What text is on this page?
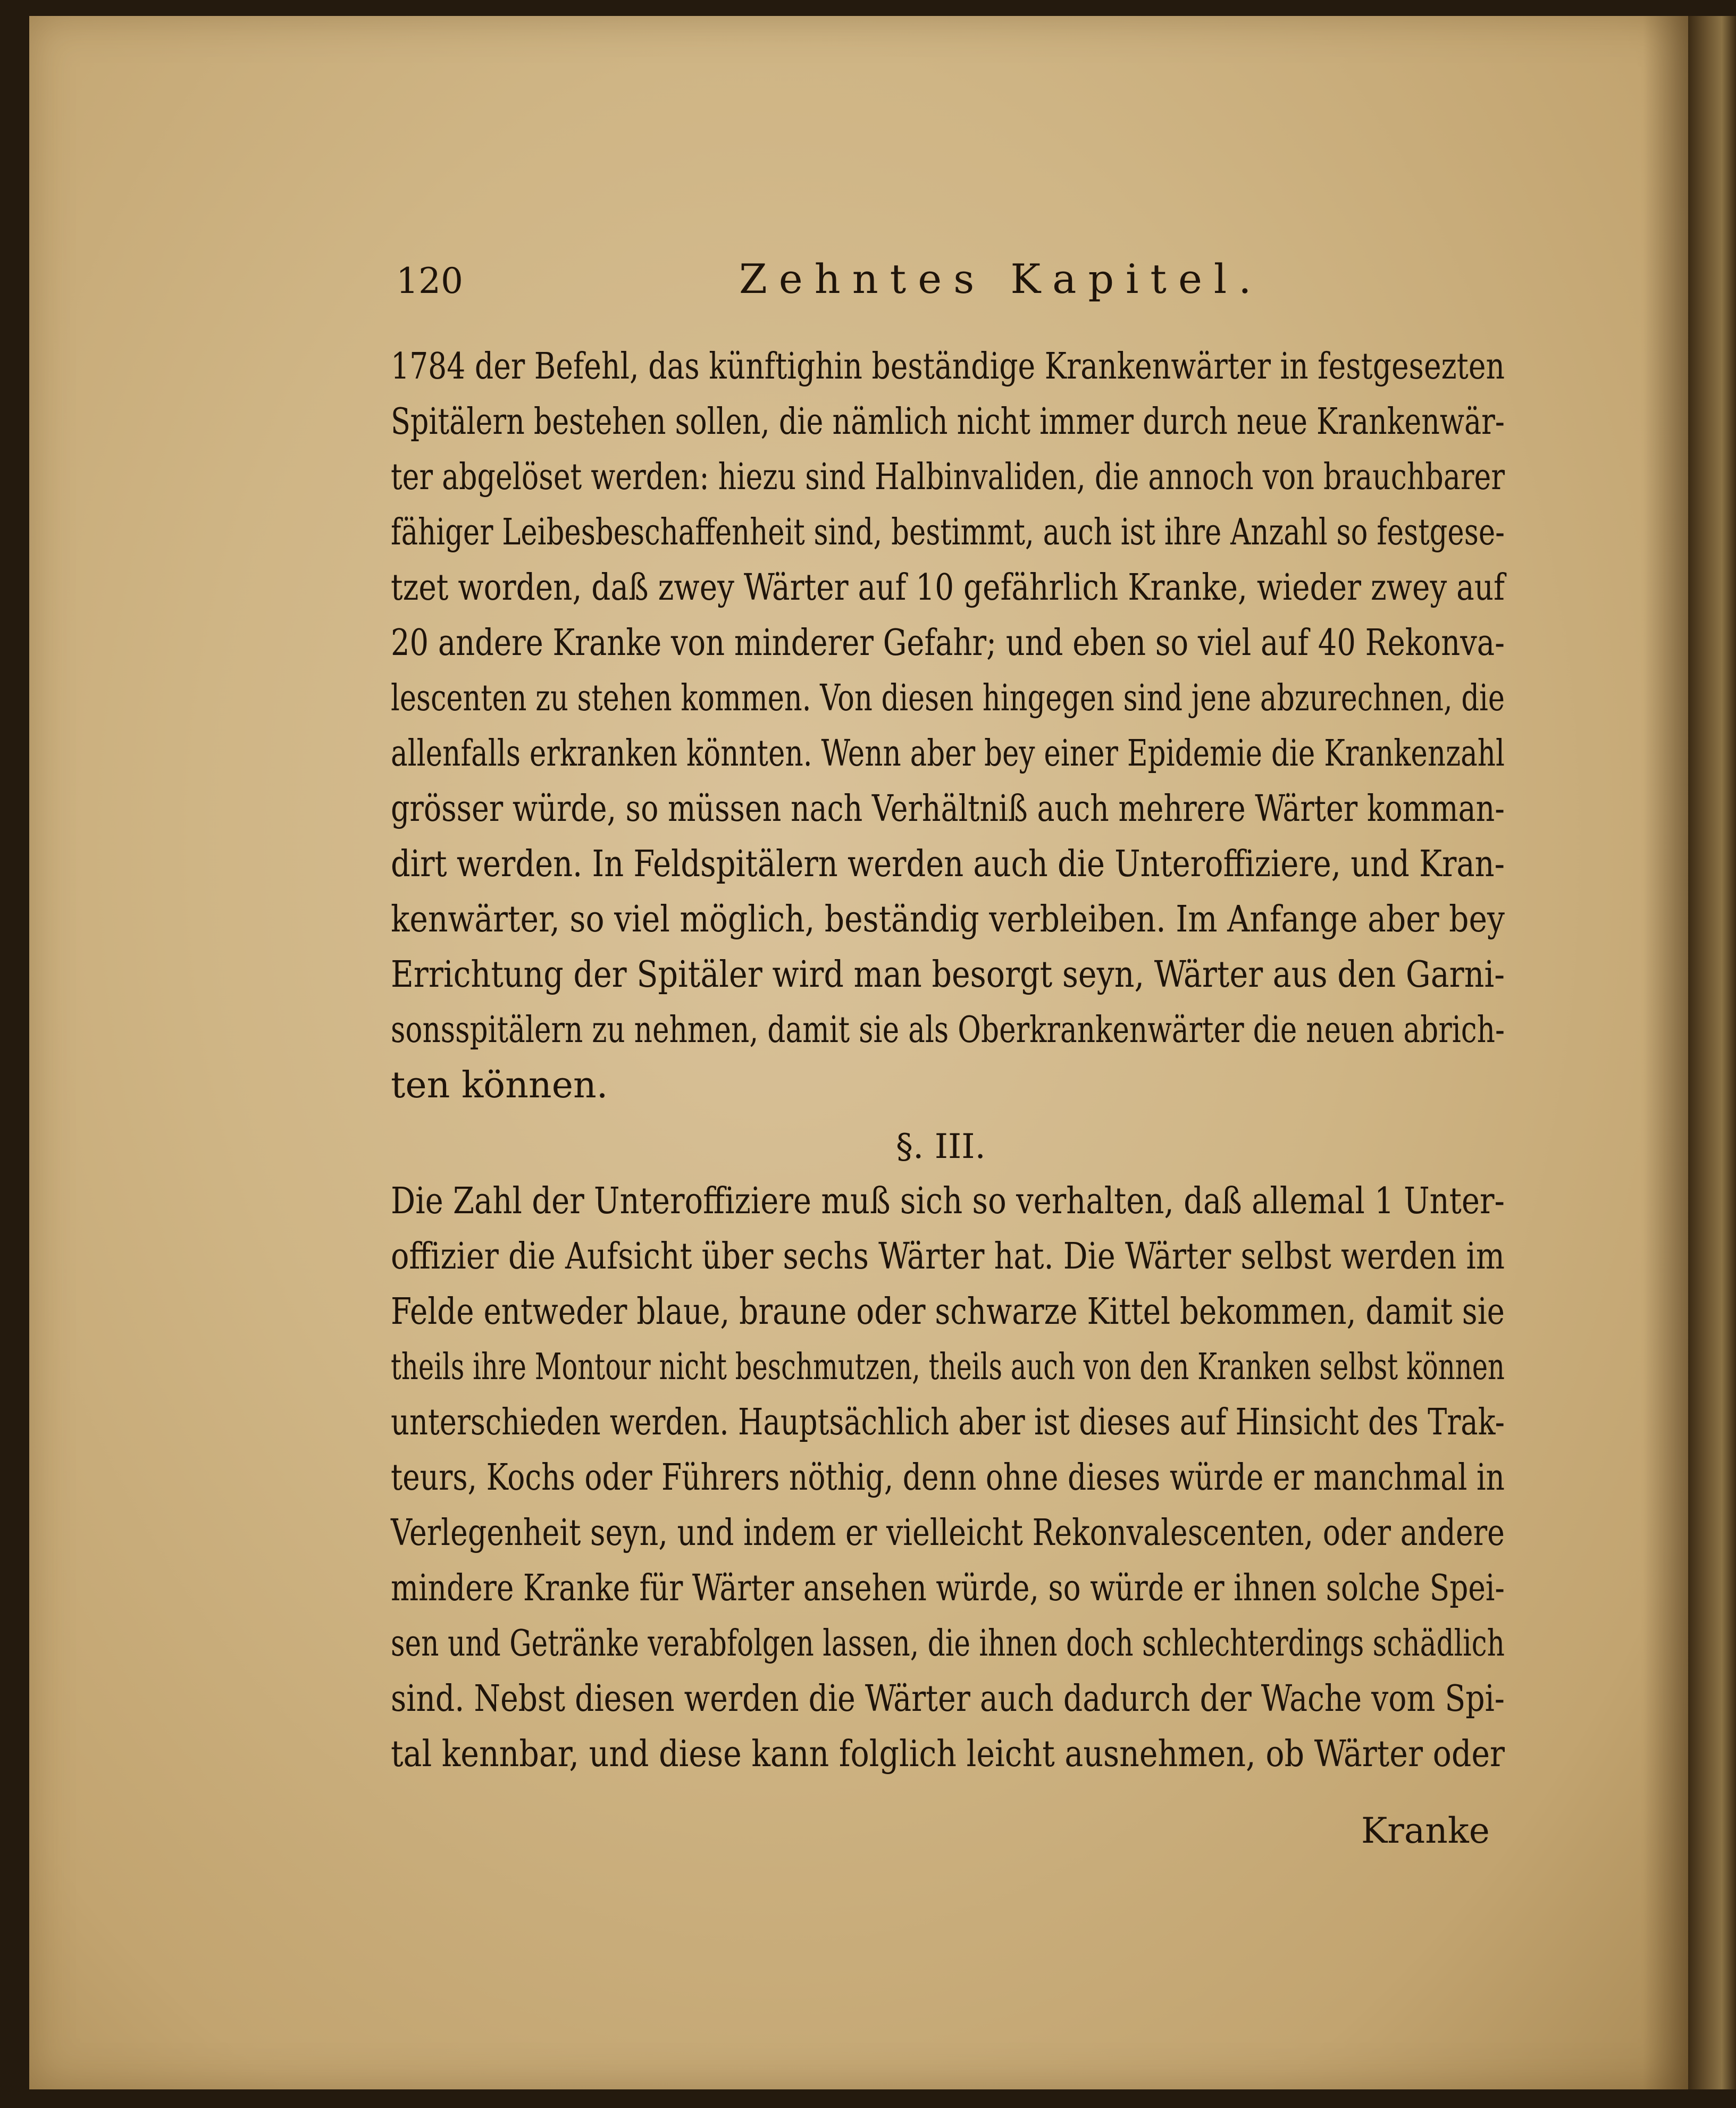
120	Zehntes Kapitel.
1784 der Befehl, das künftighin beständige Krankenwärter in festgesezten
Spitälern bestehen sollen, die nämlich nicht immer durch neue Krankenwär-
ter abgelöset werden: hiezu sind Halbinvaliden, die annoch von brauchbarer
fähiger Leibesbeschaffenheit sind, bestimmt, auch ist ihre Anzahl so festgese-
tzet worden, daß zwey Wärter auf 10 gefährlich Kranke, wieder zwey auf
20 andere Kranke von minderer Gefahr; und eben so viel auf 40 Rekonva-
lescenten zu stehen kommen. Von diesen hingegen sind jene abzurechnen, die
allenfalls erkranken könnten. Wenn aber bey einer Epidemie die Krankenzahl
grösser würde, so müssen nach Verhältniß auch mehrere Wärter komman-
dirt werden. In Feldspitälern werden auch die Unteroffiziere, und Kran-
kenwärter, so viel möglich, beständig verbleiben. Im Anfange aber bey
Errichtung der Spitäler wird man besorgt seyn, Wärter aus den Garni-
sonsspitälern zu nehmen, damit sie als Oberkrankenwärter die neuen abrich-
ten können.
§. III.
Die Zahl der Unteroffiziere muß sich so verhalten, daß allemal 1 Unter-
offizier die Aufsicht über sechs Wärter hat. Die Wärter selbst werden im
Felde entweder blaue, braune oder schwarze Kittel bekommen, damit sie
theils ihre Montour nicht beschmutzen, theils auch von den Kranken selbst können
unterschieden werden. Hauptsächlich aber ist dieses auf Hinsicht des Trak-
teurs, Kochs oder Führers nöthig, denn ohne dieses würde er manchmal in
Verlegenheit seyn, und indem er vielleicht Rekonvalescenten, oder andere
mindere Kranke für Wärter ansehen würde, so würde er ihnen solche Spei-
sen und Getränke verabfolgen lassen, die ihnen doch schlechterdings schädlich
sind. Nebst diesen werden die Wärter auch dadurch der Wache vom Spi-
tal kennbar, und diese kann folglich leicht ausnehmen, ob Wärter oder
Kranke
